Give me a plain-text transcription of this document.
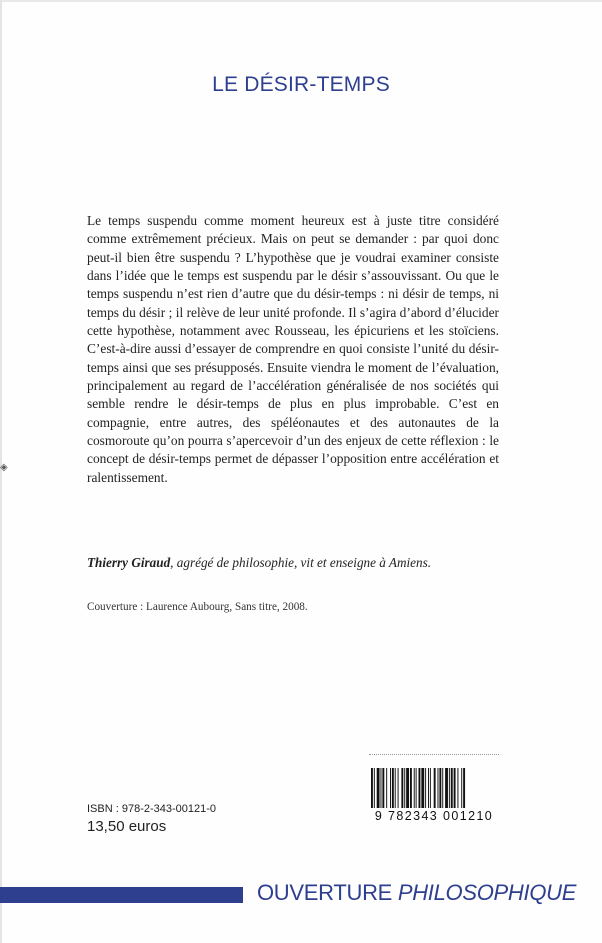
LE DÉSIR-TEMPS

Le temps suspendu comme moment heureux est à juste titre considéré comme extrêmement précieux. Mais on peut se demander : par quoi donc peut-il bien être suspendu ? L’hypothèse que je voudrai examiner consiste dans l’idée que le temps est suspendu par le désir s’assouvissant. Ou que le temps suspendu n’est rien d’autre que du désir-temps : ni désir de temps, ni temps du désir ; il relève de leur unité profonde. Il s’agira d’abord d’élucider cette hypothèse, notamment avec Rousseau, les épicuriens et les stoïciens. C’est-à-dire aussi d’essayer de comprendre en quoi consiste l’unité du désir-temps ainsi que ses présupposés. Ensuite viendra le moment de l’évaluation, principalement au regard de l’accélération généralisée de nos sociétés qui semble rendre le désir-temps de plus en plus improbable. C’est en compagnie, entre autres, des spéléonautes et des autonautes de la cosmoroute qu’on pourra s’apercevoir d’un des enjeux de cette réflexion : le concept de désir-temps permet de dépasser l’opposition entre accélération et ralentissement.

◈
Thierry Giraud, agrégé de philosophie, vit et enseigne à Amiens.
Couverture : Laurence Aubourg, Sans titre, 2008.
ISBN : 978-2-343-00121-0
13,50 euros
9 782343 001210
OUVERTURE PHILOSOPHIQUE
